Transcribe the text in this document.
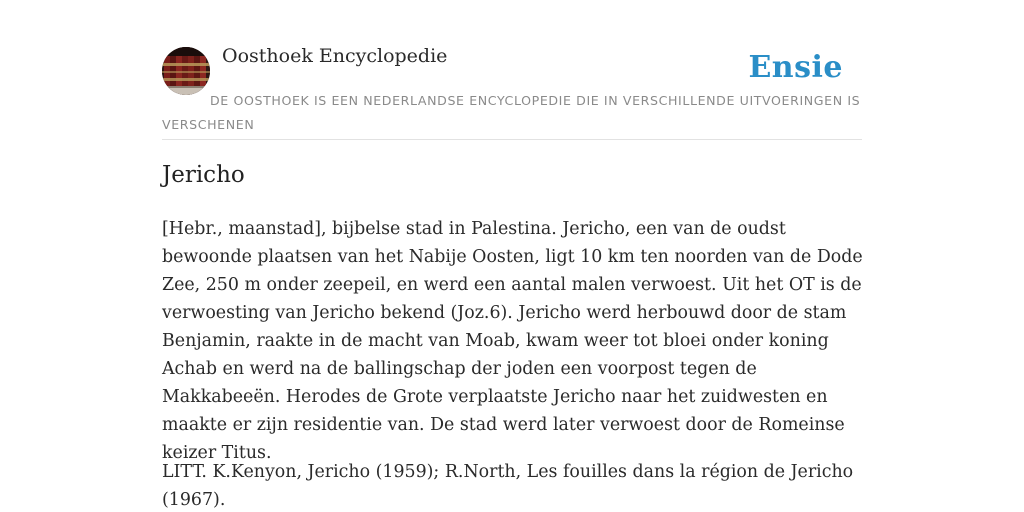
Oosthoek Encyclopedie	Ensie
DE OOSTHOEK IS EEN NEDERLANDSE ENCYCLOPEDIE DIE IN VERSCHILLENDE UITVOERINGEN IS VERSCHENEN
Jericho

[Hebr., maanstad], bijbelse stad in Palestina. Jericho, een van de oudst bewoonde plaatsen van het Nabije Oosten, ligt 10 km ten noorden van de Dode Zee, 250 m onder zeepeil, en werd een aantal malen verwoest. Uit het OT is de verwoesting van Jericho bekend (Joz.6). Jericho werd herbouwd door de stam Benjamin, raakte in de macht van Moab, kwam weer tot bloei onder koning Achab en werd na de ballingschap der joden een voorpost tegen de Makkabeeën. Herodes de Grote verplaatste Jericho naar het zuidwesten en maakte er zijn residentie van. De stad werd later verwoest door de Romeinse keizer Titus.

LITT. K.Kenyon, Jericho (1959); R.North, Les fouilles dans la région de Jericho (1967).
